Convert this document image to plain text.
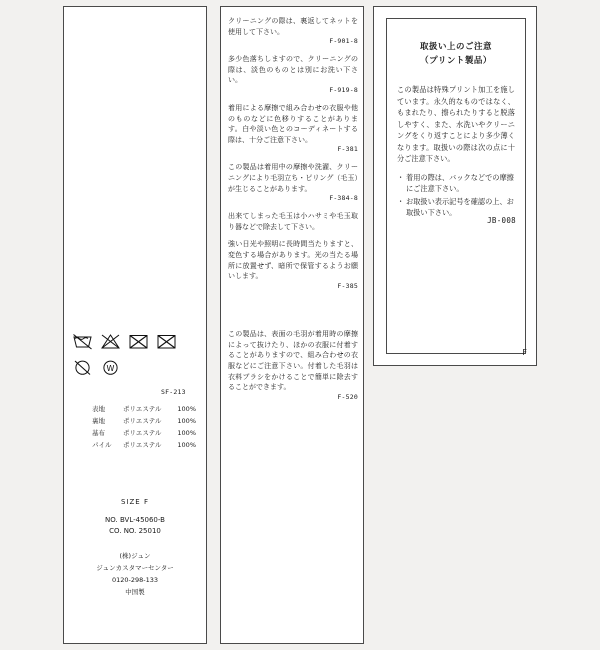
W
SF-213
表地	ポリエステル	100%
裏地	ポリエステル	100%
基布	ポリエステル	100%
パイル	ポリエステル	100%
SIZE F
NO. BVL-45060-B
CO. NO. 25010
(株)ジュン
ジュンカスタマーセンター
0120-298-133
中国製

クリーニングの際は、裏返してネットを使用して下さい。
F-901-8

多少色落ちしますので、クリーニングの際は、淡色のものとは別にお洗い下さい。
F-919-8

着用による摩擦で組み合わせの衣服や他のものなどに色移りすることがあります。白や淡い色とのコーディネートする際は、十分ご注意下さい。
F-381

この製品は着用中の摩擦や洗濯、クリーニングにより毛羽立ち・ピリング（毛玉）が生じることがあります。
F-384-8

出来てしまった毛玉は小ハサミや毛玉取り器などで除去して下さい。

強い日光や照明に長時間当たりますと、変色する場合があります。光の当たる場所に放置せず、暗所で保管するようお願いします。
F-385

この製品は、表面の毛羽が着用時の摩擦によって抜けたり、ほかの衣服に付着することがありますので、組み合わせの衣服などにご注意下さい。付着した毛羽は衣料ブラシをかけることで簡単に除去することができます。
F-520

取扱い上のご注意
（プリント製品）
この製品は特殊プリント加工を施しています。永久的なものではなく、もまれたり、擦られたりすると脱落しやすく、また、水洗いやクリーニングをくり返すことにより多少薄くなります。取扱いの際は次の点に十分ご注意下さい。
・ 着用の際は、バックなどでの摩擦にご注意下さい。
・ お取扱い表示記号を確認の上、お取扱い下さい。
JB-008
F
